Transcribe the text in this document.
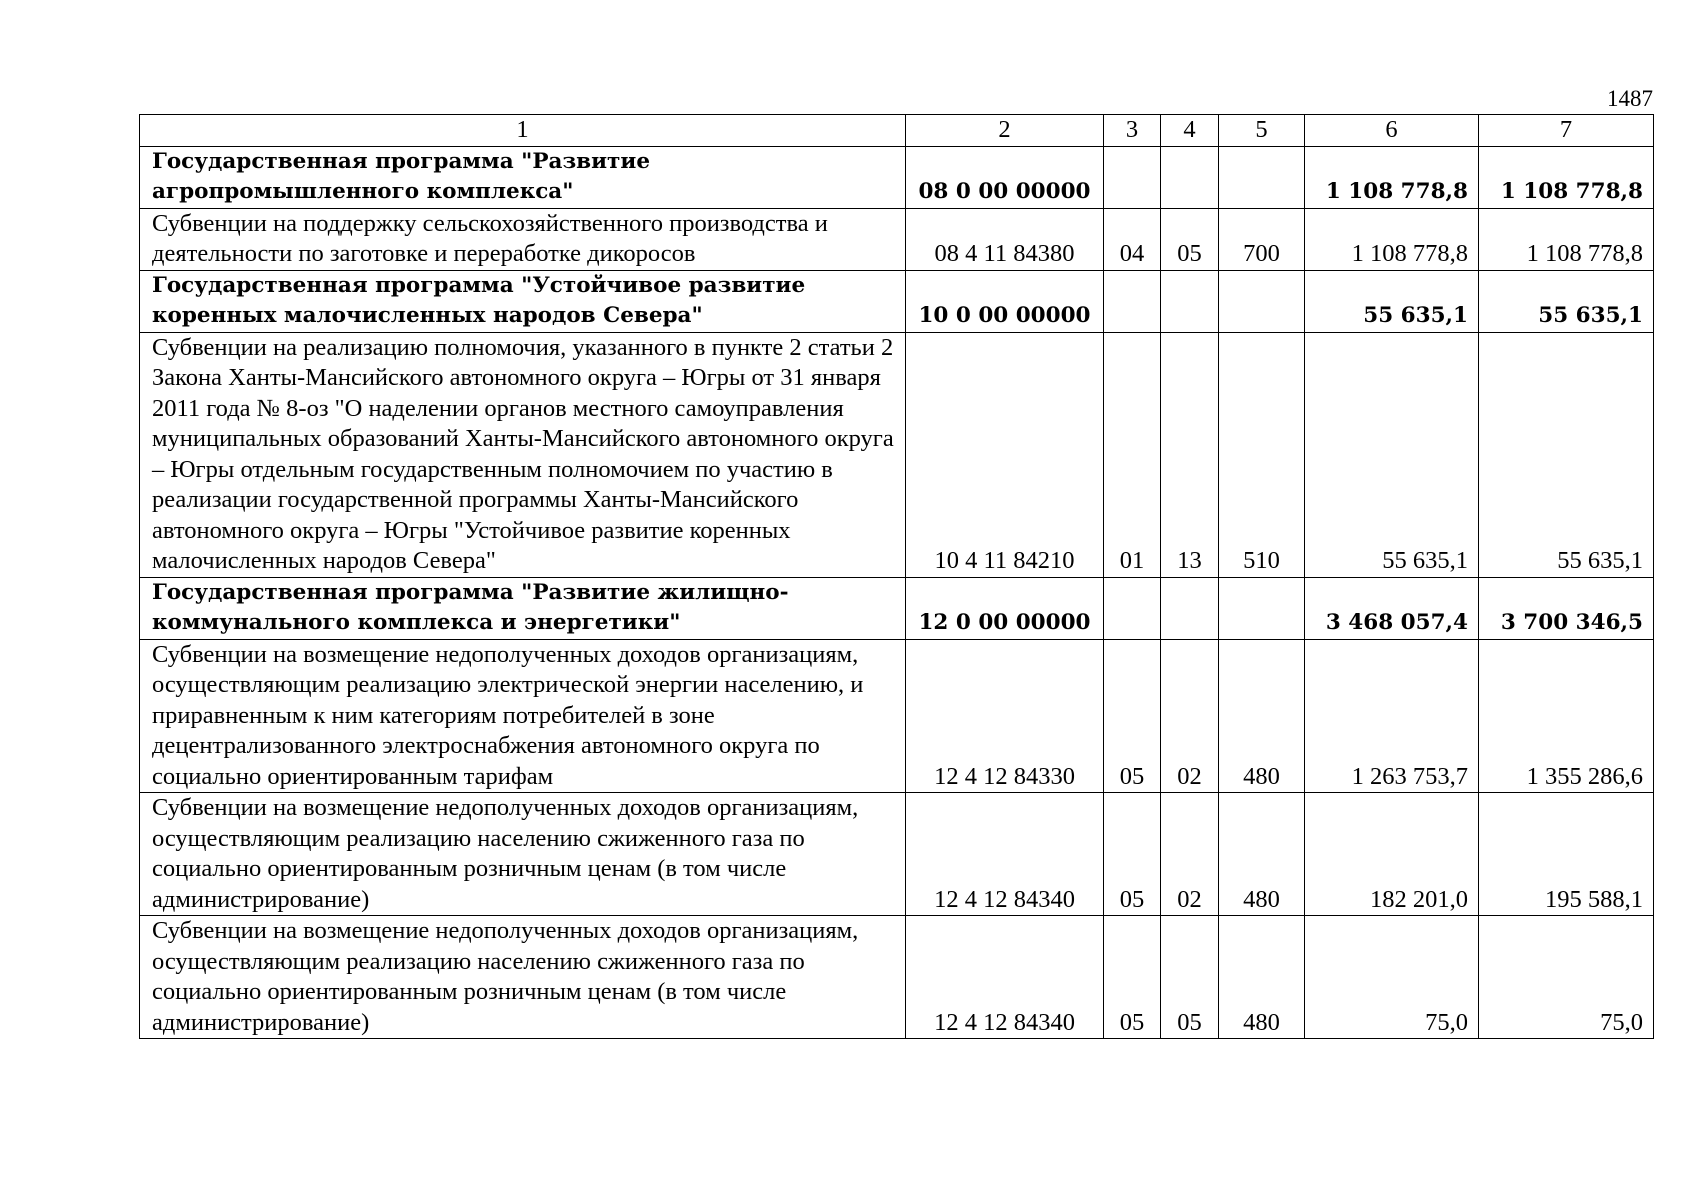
1487
1	2	3	4	5	6	7
Государственная программа "Развитие агропромышленного комплекса"	08 0 00 00000				1 108 778,8	1 108 778,8
Субвенции на поддержку сельскохозяйственного производства и деятельности по заготовке и переработке дикоросов	08 4 11 84380	04	05	700	1 108 778,8	1 108 778,8
Государственная программа "Устойчивое развитие коренных малочисленных народов Севера"	10 0 00 00000				55 635,1	55 635,1
Субвенции на реализацию полномочия, указанного в пункте 2 статьи 2 Закона Ханты-Мансийского автономного округа – Югры от 31 января 2011 года № 8-оз "О наделении органов местного самоуправления муниципальных образований Ханты-Мансийского автономного округа – Югры отдельным государственным полномочием по участию в реализации государственной программы Ханты-Мансийского автономного округа – Югры "Устойчивое развитие коренных малочисленных народов Севера"	10 4 11 84210	01	13	510	55 635,1	55 635,1
Государственная программа "Развитие жилищно-коммунального комплекса и энергетики"	12 0 00 00000				3 468 057,4	3 700 346,5
Субвенции на возмещение недополученных доходов организациям, осуществляющим реализацию электрической энергии населению, и приравненным к ним категориям потребителей в зоне децентрализованного электроснабжения автономного округа по социально ориентированным тарифам	12 4 12 84330	05	02	480	1 263 753,7	1 355 286,6
Субвенции на возмещение недополученных доходов организациям, осуществляющим реализацию населению сжиженного газа по социально ориентированным розничным ценам (в том числе администрирование)	12 4 12 84340	05	02	480	182 201,0	195 588,1
Субвенции на возмещение недополученных доходов организациям, осуществляющим реализацию населению сжиженного газа по социально ориентированным розничным ценам (в том числе администрирование)	12 4 12 84340	05	05	480	75,0	75,0
